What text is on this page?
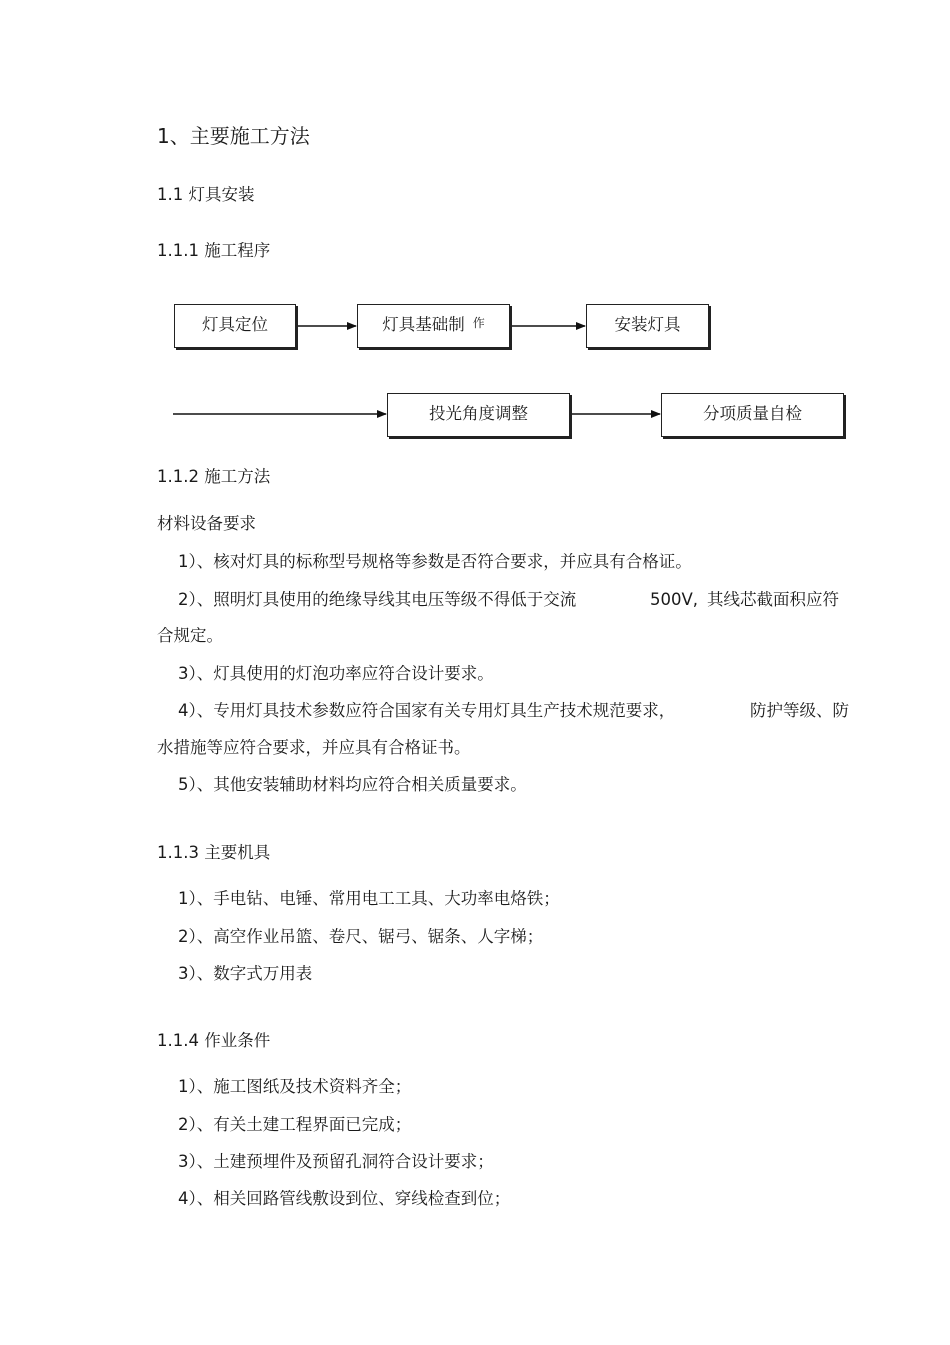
1、主要施工方法
1.1 灯具安装
1.1.1 施工程序
灯具定位	灯具基础制 作	安装灯具
投光角度调整	分项质量自检
1.1.2 施工方法
材料设备要求
1）、核对灯具的标称型号规格等参数是否符合要求，并应具有合格证。
2）、照明灯具使用的绝缘导线其电压等级不得低于交流	500V, 其线芯截面积应符
合规定。
3）、灯具使用的灯泡功率应符合设计要求。
4）、专用灯具技术参数应符合国家有关专用灯具生产技术规范要求，	防护等级、防
水措施等应符合要求，并应具有合格证书。
5）、其他安装辅助材料均应符合相关质量要求。
1.1.3 主要机具
1）、手电钻、电锤、常用电工工具、大功率电烙铁；
2）、高空作业吊篮、卷尺、锯弓、锯条、人字梯；
3）、数字式万用表
1.1.4 作业条件
1）、施工图纸及技术资料齐全；
2）、有关土建工程界面已完成；
3）、土建预埋件及预留孔洞符合设计要求；
4）、相关回路管线敷设到位、穿线检查到位；
